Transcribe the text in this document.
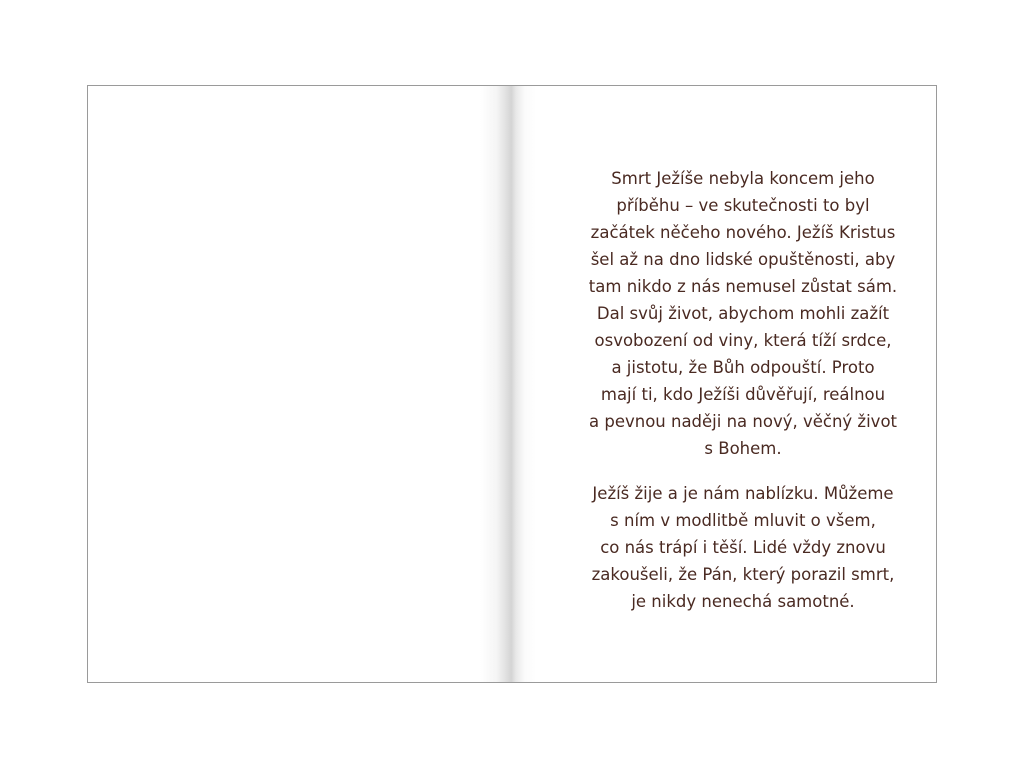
Smrt Ježíše nebyla koncem jeho
příběhu – ve skutečnosti to byl
začátek něčeho nového. Ježíš Kristus
šel až na dno lidské opuštěnosti, aby
tam nikdo z nás nemusel zůstat sám.
Dal svůj život, abychom mohli zažít
osvobození od viny, která tíží srdce,
a jistotu, že Bůh odpouští. Proto
mají ti, kdo Ježíši důvěřují, reálnou
a pevnou naději na nový, věčný život
s Bohem.

Ježíš žije a je nám nablízku. Můžeme
s ním v modlitbě mluvit o všem,
co nás trápí i těší. Lidé vždy znovu
zakoušeli, že Pán, který porazil smrt,
je nikdy nenechá samotné.
